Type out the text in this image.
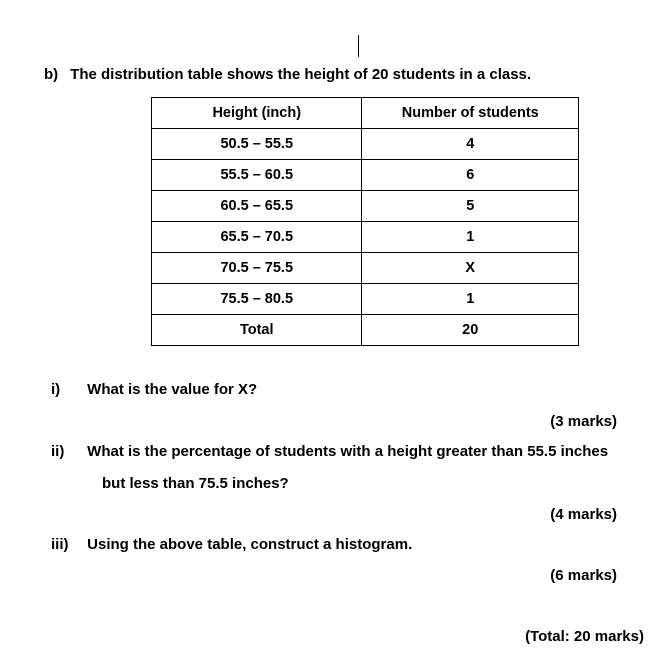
b) The distribution table shows the height of 20 students in a class.
Height (inch)	Number of students
50.5 – 55.5	4
55.5 – 60.5	6
60.5 – 65.5	5
65.5 – 70.5	1
70.5 – 75.5	X
75.5 – 80.5	1
Total	20
i) What is the value for X?
(3 marks)
ii) What is the percentage of students with a height greater than 55.5 inches
but less than 75.5 inches?
(4 marks)
iii) Using the above table, construct a histogram.
(6 marks)
(Total: 20 marks)
